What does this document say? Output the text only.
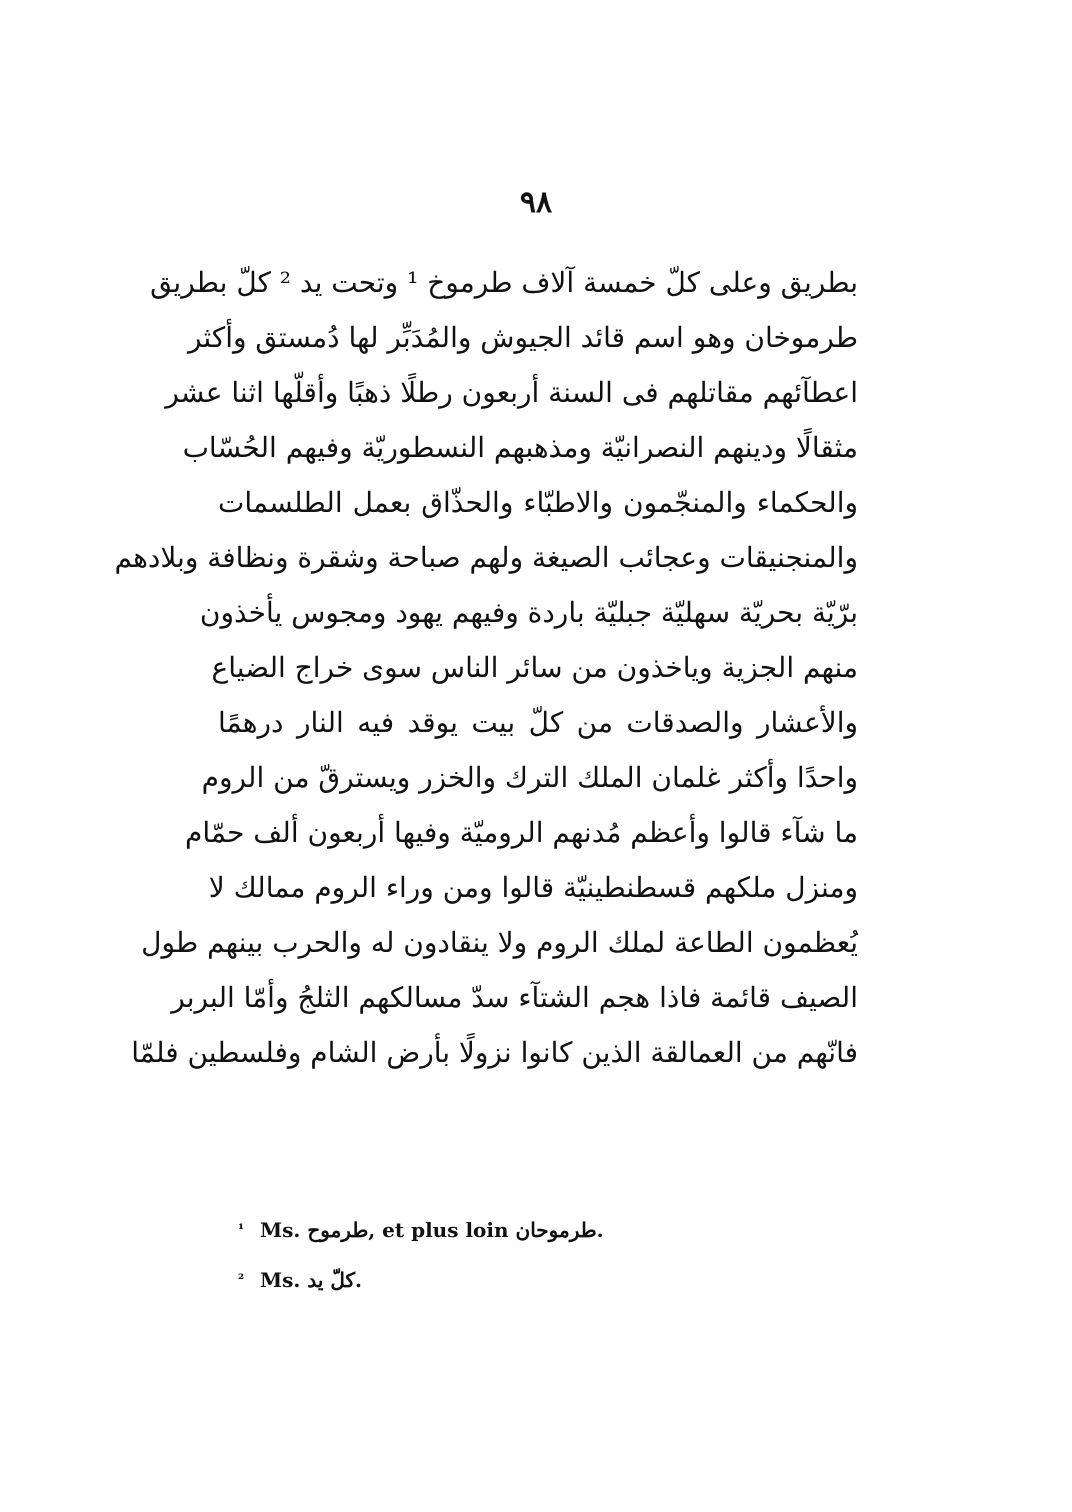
٩٨
بطريق وعلى كلّ خمسة آلاف طرموخ ¹ وتحت يد ² كلّ بطريق
طرموخان وهو اسم قائد الجيوش والمُدَبِّر لها دُمستق وأكثر
اعطآئهم مقاتلهم فى السنة أربعون رطلًا ذهبًا وأقلّها اثنا عشر
مثقالًا ودينهم النصرانيّة ومذهبهم النسطوريّة وفيهم الحُسّاب
والحكماء والمنجّمون والاطبّاء والحذّاق بعمل الطلسمات
والمنجنيقات وعجائب الصيغة ولهم صباحة وشقرة ونظافة وبلادهم
برّيّة بحريّة سهليّة جبليّة باردة وفيهم يهود ومجوس يأخذون
منهم الجزية وياخذون من سائر الناس سوى خراج الضياع
والأعشار والصدقات من كلّ بيت يوقد فيه النار درهمًا
واحدًا وأكثر غلمان الملك الترك والخزر ويسترقّ من الروم
ما شآء قالوا وأعظم مُدنهم الروميّة وفيها أربعون ألف حمّام
ومنزل ملكهم قسطنطينيّة قالوا ومن وراء الروم ممالك لا
يُعظمون الطاعة لملك الروم ولا ينقادون له والحرب بينهم طول
الصيف قائمة فاذا هجم الشتآء سدّ مسالكهم الثلجُ وأمّا البربر
فانّهم من العمالقة الذين كانوا نزولًا بأرض الشام وفلسطين فلمّا
¹ Ms. طرموح, et plus loin طرموحان.
² Ms. كلّ يد.
